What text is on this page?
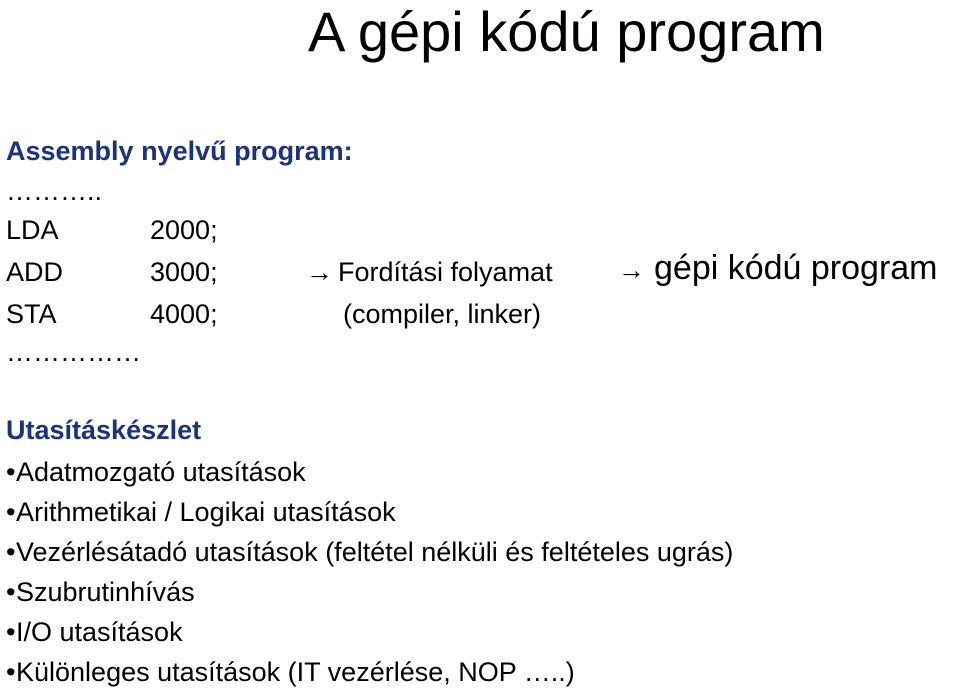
A gépi kódú program
Assembly nyelvű program:
………..
LDA	2000;
ADD	3000;
STA	4000;
……………
→ Fordítási folyamat → gépi kódú program
(compiler, linker)
Utasításkészlet
•Adatmozgató utasítások
•Arithmetikai / Logikai utasítások
•Vezérlésátadó utasítások (feltétel nélküli és feltételes ugrás)
•Szubrutinhívás
•I/O utasítások
•Különleges utasítások (IT vezérlése, NOP …..)
